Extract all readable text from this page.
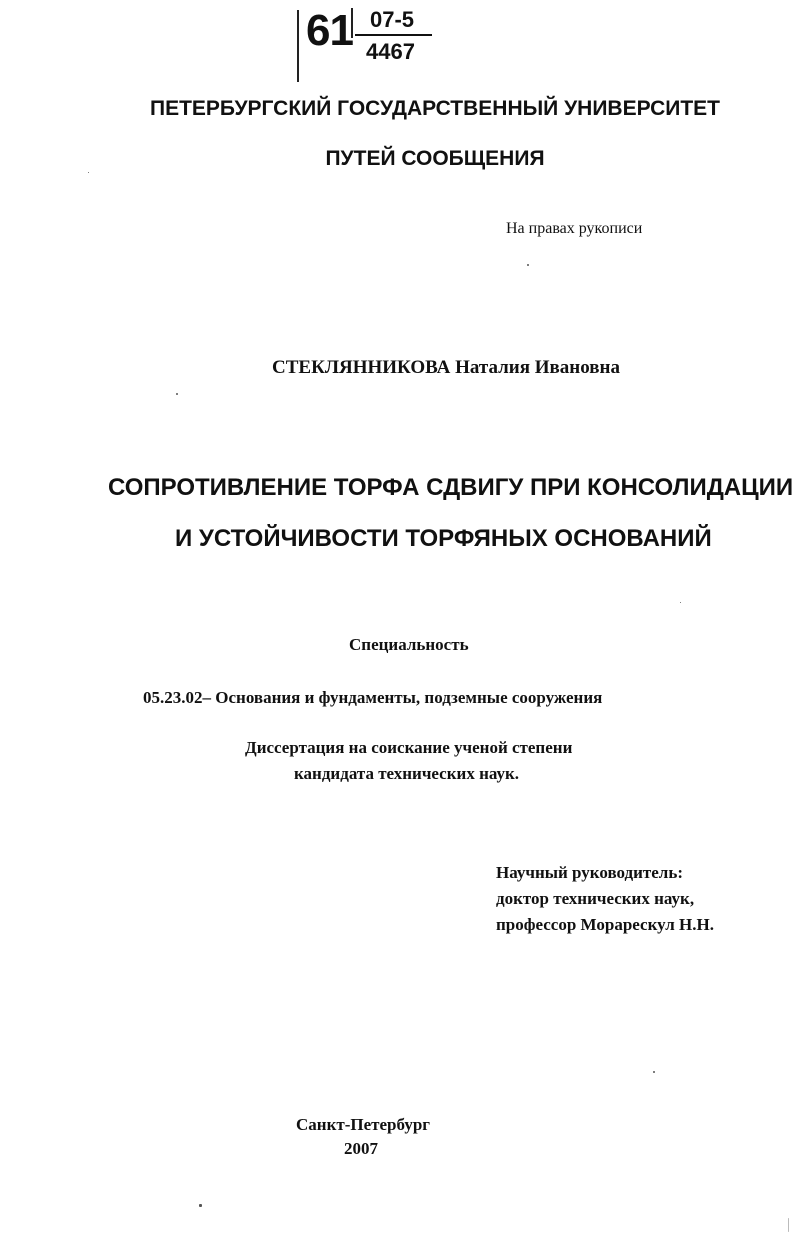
61 07-5
4467
ПЕТЕРБУРГСКИЙ ГОСУДАРСТВЕННЫЙ УНИВЕРСИТЕТ
ПУТЕЙ СООБЩЕНИЯ
На правах рукописи
СТЕКЛЯННИКОВА Наталия Ивановна
СОПРОТИВЛЕНИЕ ТОРФА СДВИГУ ПРИ КОНСОЛИДАЦИИ
И УСТОЙЧИВОСТИ ТОРФЯНЫХ ОСНОВАНИЙ
Специальность
05.23.02– Основания и фундаменты, подземные сооружения
Диссертация на соискание ученой степени
кандидата технических наук.
Научный руководитель:
доктор технических наук,
профессор Морарескул Н.Н.
Санкт-Петербург
2007
